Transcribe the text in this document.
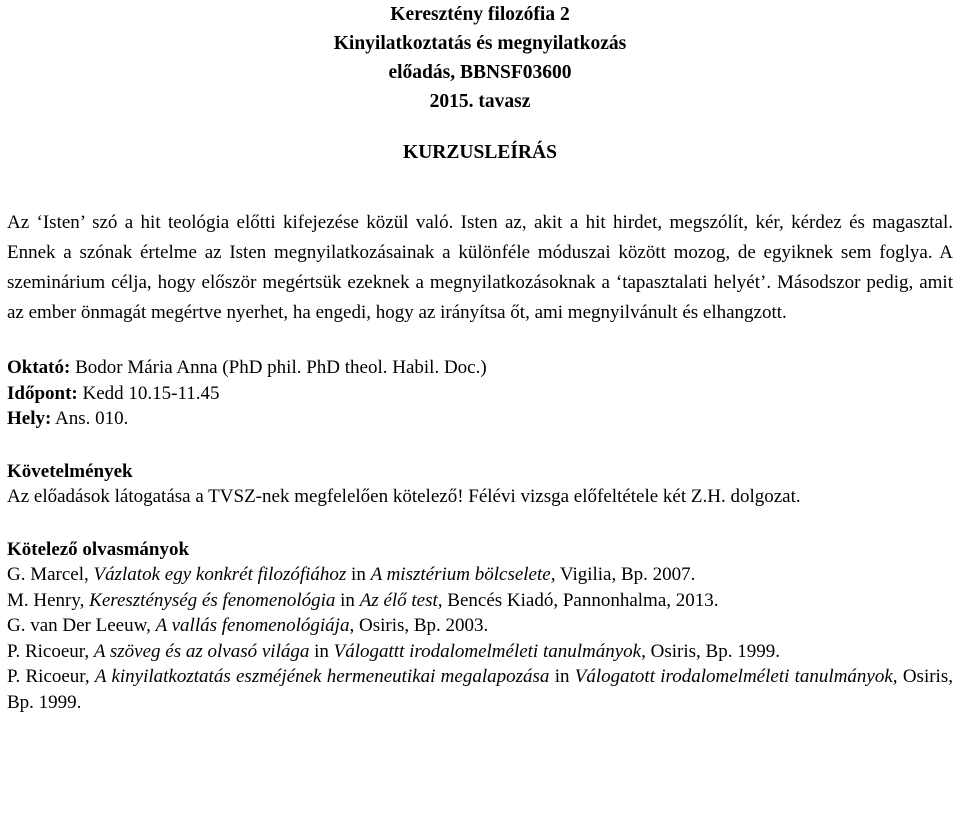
Keresztény filozófia 2
Kinyilatkoztatás és megnyilatkozás
előadás, BBNSF03600
2015. tavasz
KURZUSLEÍRÁS
Az ‘Isten’ szó a hit teológia előtti kifejezése közül való. Isten az, akit a hit hirdet, megszólít, kér, kérdez és magasztal. Ennek a szónak értelme az Isten megnyilatkozásainak a különféle móduszai között mozog, de egyiknek sem foglya. A szeminárium célja, hogy először megértsük ezeknek a megnyilatkozásoknak a ‘tapasztalati helyét’. Másodszor pedig, amit az ember önmagát megértve nyerhet, ha engedi, hogy az irányítsa őt, ami megnyilvánult és elhangzott.
Oktató: Bodor Mária Anna (PhD phil. PhD theol. Habil. Doc.)
Időpont: Kedd 10.15-11.45
Hely: Ans. 010.
Követelmények
Az előadások látogatása a TVSZ-nek megfelelően kötelező! Félévi vizsga előfeltétele két Z.H. dolgozat.
Kötelező olvasmányok
G. Marcel, Vázlatok egy konkrét filozófiához in A misztérium bölcselete, Vigilia, Bp. 2007.
M. Henry, Kereszténység és fenomenológia in Az élő test, Bencés Kiadó, Pannonhalma, 2013.
G. van Der Leeuw, A vallás fenomenológiája, Osiris, Bp. 2003.
P. Ricoeur, A szöveg és az olvasó világa in Válogattt irodalomelméleti tanulmányok, Osiris, Bp. 1999.
P. Ricoeur, A kinyilatkoztatás eszméjének hermeneutikai megalapozása in Válogatott irodalomelméleti tanulmányok, Osiris, Bp. 1999.
